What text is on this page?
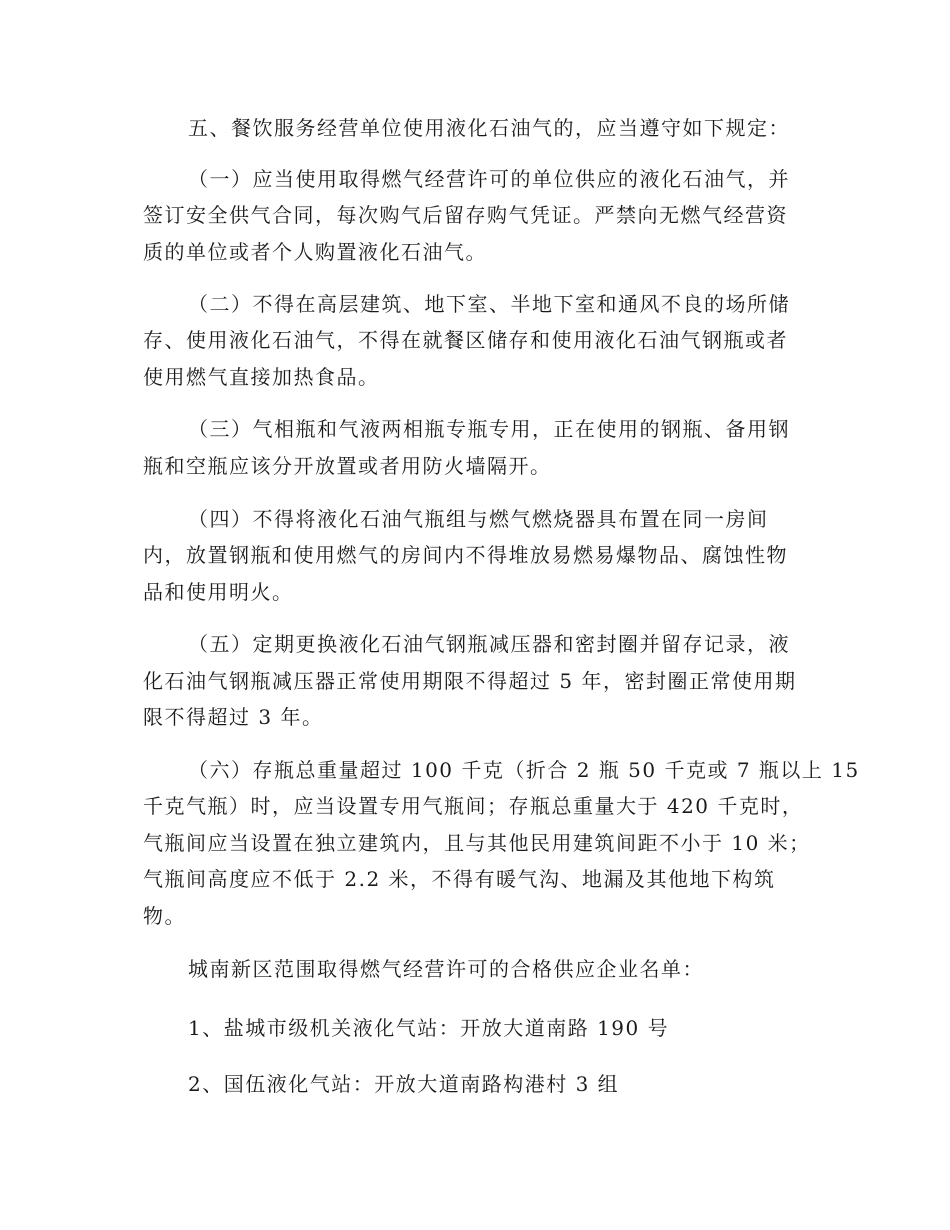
五、餐饮服务经营单位使用液化石油气的，应当遵守如下规定：
（一）应当使用取得燃气经营许可的单位供应的液化石油气，并
签订安全供气合同，每次购气后留存购气凭证。严禁向无燃气经营资
质的单位或者个人购置液化石油气。
（二）不得在高层建筑、地下室、半地下室和通风不良的场所储
存、使用液化石油气，不得在就餐区储存和使用液化石油气钢瓶或者
使用燃气直接加热食品。
（三）气相瓶和气液两相瓶专瓶专用，正在使用的钢瓶、备用钢
瓶和空瓶应该分开放置或者用防火墙隔开。
（四）不得将液化石油气瓶组与燃气燃烧器具布置在同一房间
内，放置钢瓶和使用燃气的房间内不得堆放易燃易爆物品、腐蚀性物
品和使用明火。
（五）定期更换液化石油气钢瓶减压器和密封圈并留存记录，液
化石油气钢瓶减压器正常使用期限不得超过 5 年，密封圈正常使用期
限不得超过 3 年。
（六）存瓶总重量超过 100 千克（折合 2 瓶 50 千克或 7 瓶以上 15
千克气瓶）时，应当设置专用气瓶间；存瓶总重量大于 420 千克时，
气瓶间应当设置在独立建筑内，且与其他民用建筑间距不小于 10 米；
气瓶间高度应不低于 2.2 米，不得有暖气沟、地漏及其他地下构筑
物。
城南新区范围取得燃气经营许可的合格供应企业名单：
1、盐城市级机关液化气站：开放大道南路 190 号
2、国伍液化气站：开放大道南路构港村 3 组
